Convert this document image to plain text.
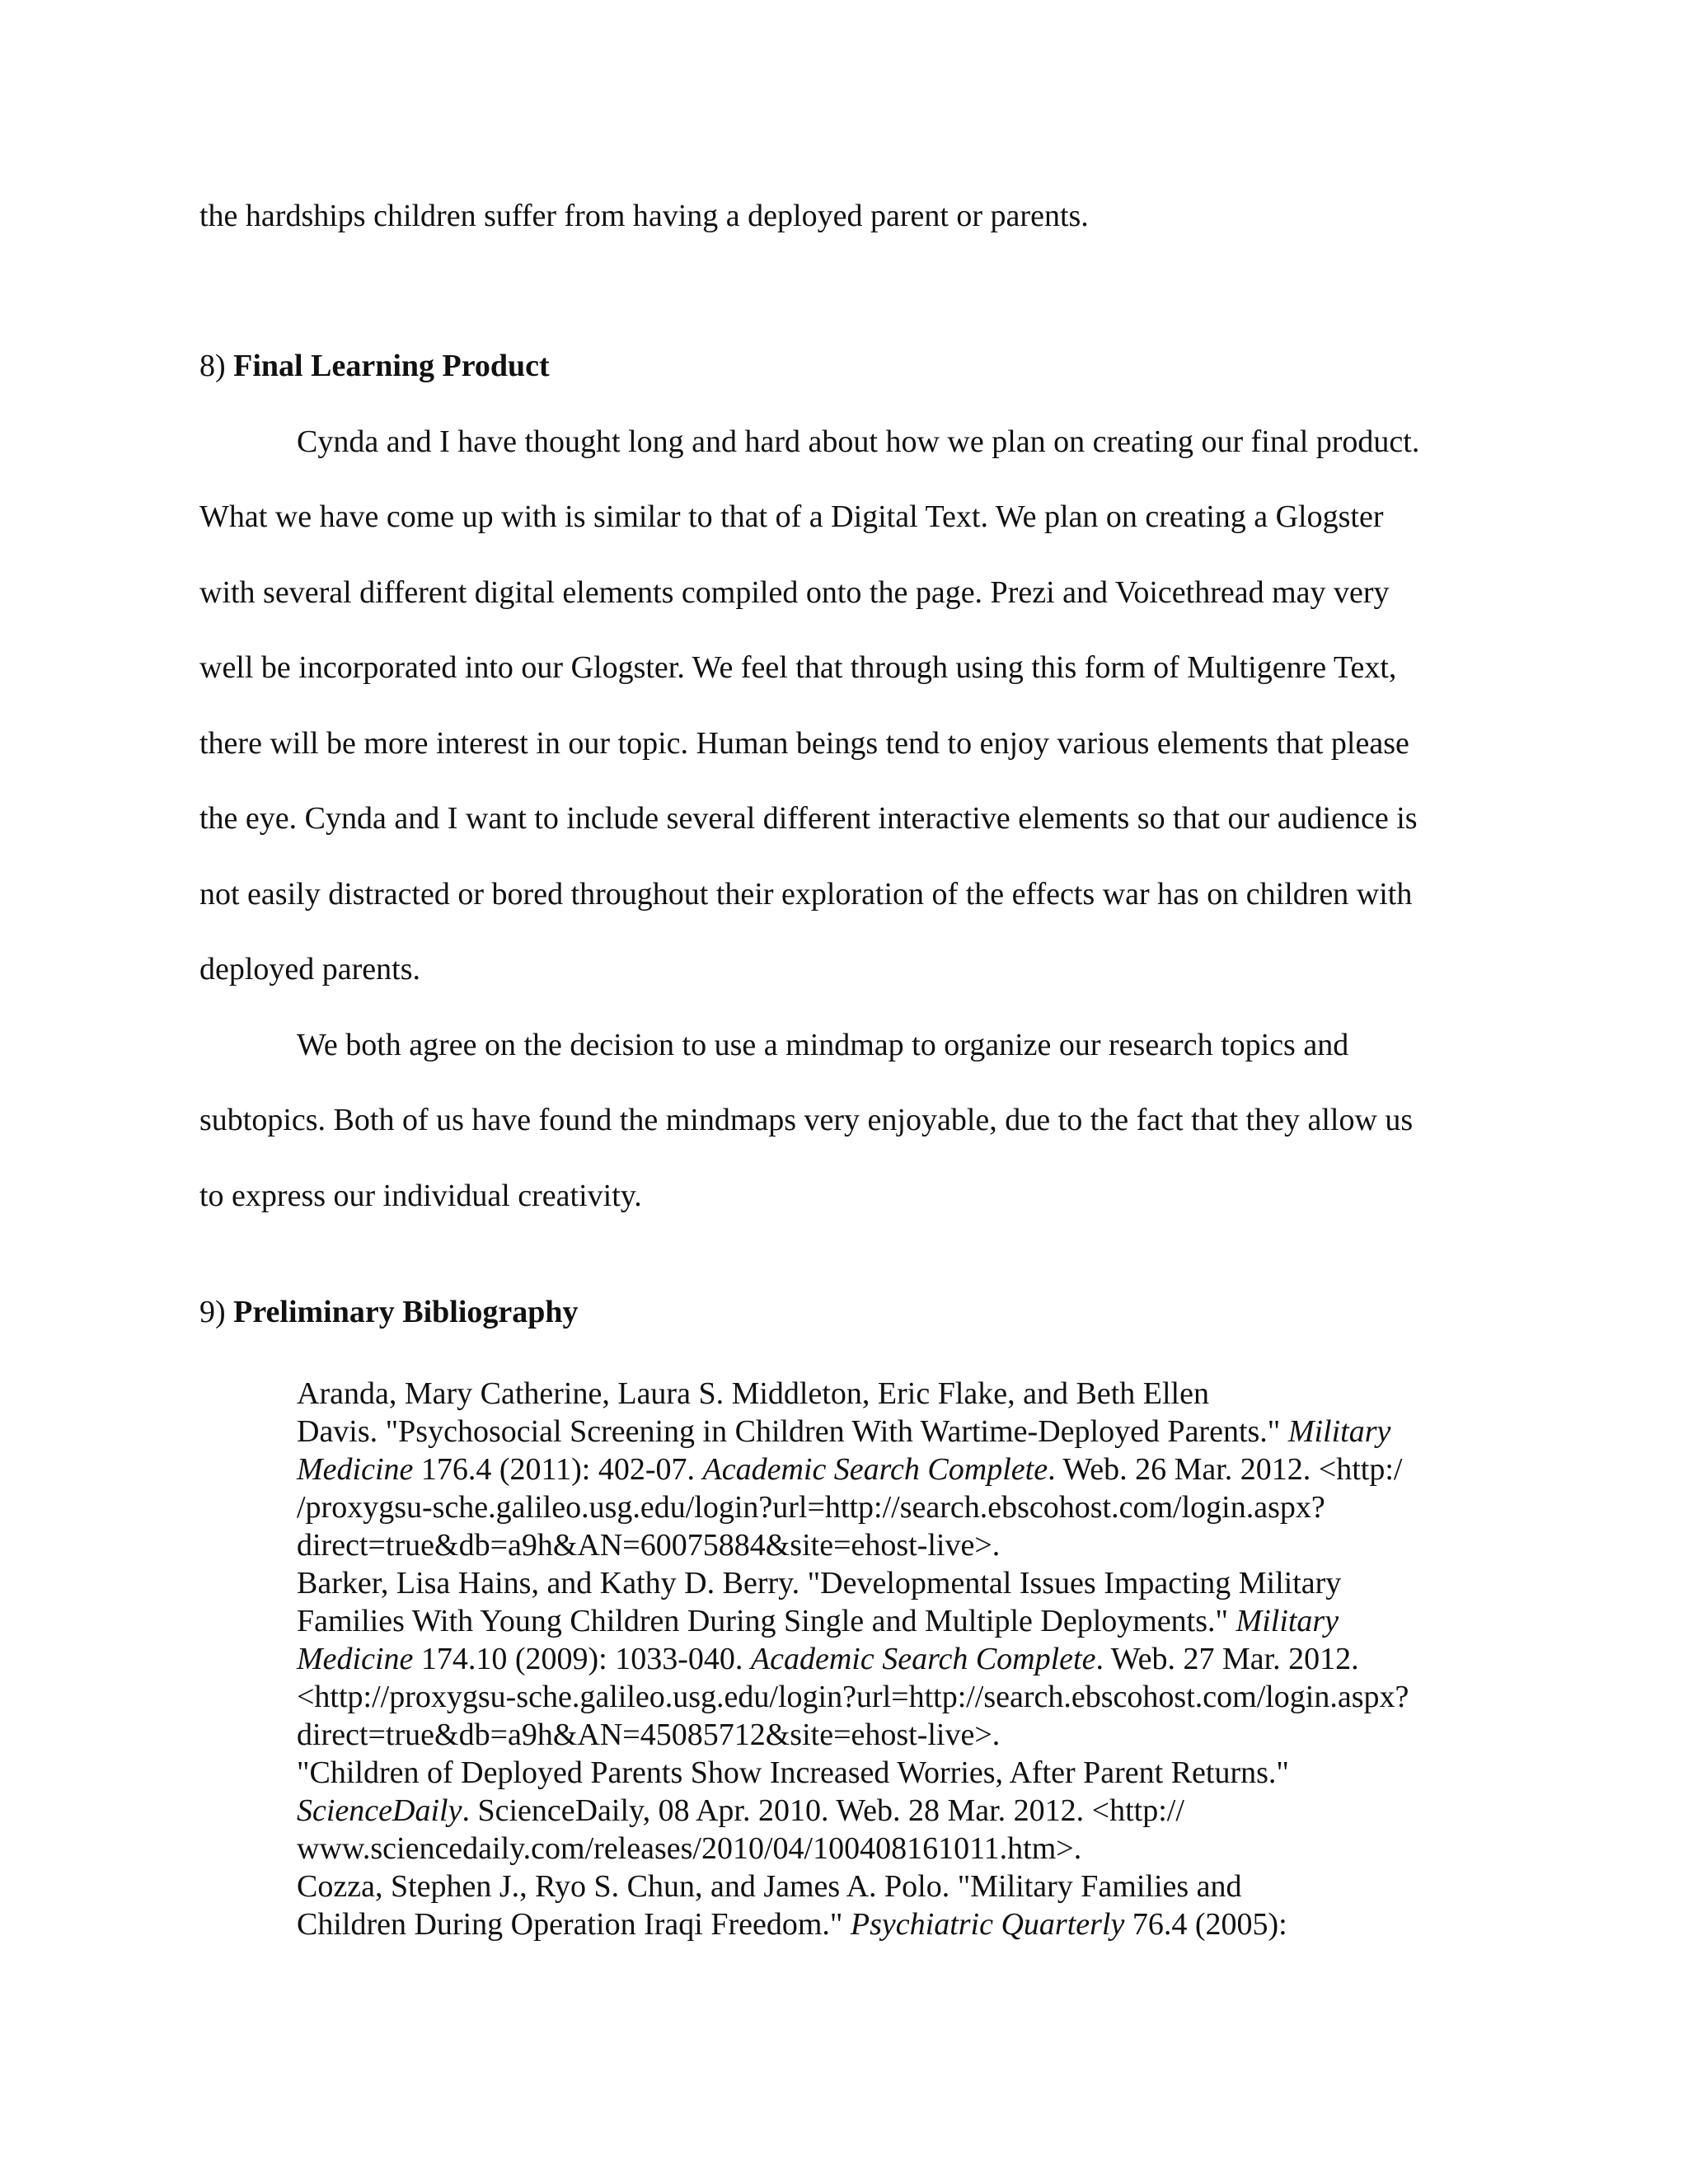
the hardships children suffer from having a deployed parent or parents.
8) Final Learning Product
Cynda and I have thought long and hard about how we plan on creating our final product.
What we have come up with is similar to that of a Digital Text. We plan on creating a Glogster
with several different digital elements compiled onto the page. Prezi and Voicethread may very
well be incorporated into our Glogster. We feel that through using this form of Multigenre Text,
there will be more interest in our topic. Human beings tend to enjoy various elements that please
the eye. Cynda and I want to include several different interactive elements so that our audience is
not easily distracted or bored throughout their exploration of the effects war has on children with
deployed parents.
We both agree on the decision to use a mindmap to organize our research topics and
subtopics. Both of us have found the mindmaps very enjoyable, due to the fact that they allow us
to express our individual creativity.
9) Preliminary Bibliography
Aranda, Mary Catherine, Laura S. Middleton, Eric Flake, and Beth Ellen
Davis. "Psychosocial Screening in Children With Wartime-Deployed Parents." Military
Medicine 176.4 (2011): 402-07. Academic Search Complete. Web. 26 Mar. 2012. <http:/
/proxygsu-sche.galileo.usg.edu/login?url=http://search.ebscohost.com/login.aspx?
direct=true&db=a9h&AN=60075884&site=ehost-live>.
Barker, Lisa Hains, and Kathy D. Berry. "Developmental Issues Impacting Military
Families With Young Children During Single and Multiple Deployments." Military
Medicine 174.10 (2009): 1033-040. Academic Search Complete. Web. 27 Mar. 2012.
<http://proxygsu-sche.galileo.usg.edu/login?url=http://search.ebscohost.com/login.aspx?
direct=true&db=a9h&AN=45085712&site=ehost-live>.
"Children of Deployed Parents Show Increased Worries, After Parent Returns."
ScienceDaily. ScienceDaily, 08 Apr. 2010. Web. 28 Mar. 2012. <http://
www.sciencedaily.com/releases/2010/04/100408161011.htm>.
Cozza, Stephen J., Ryo S. Chun, and James A. Polo. "Military Families and
Children During Operation Iraqi Freedom." Psychiatric Quarterly 76.4 (2005):
